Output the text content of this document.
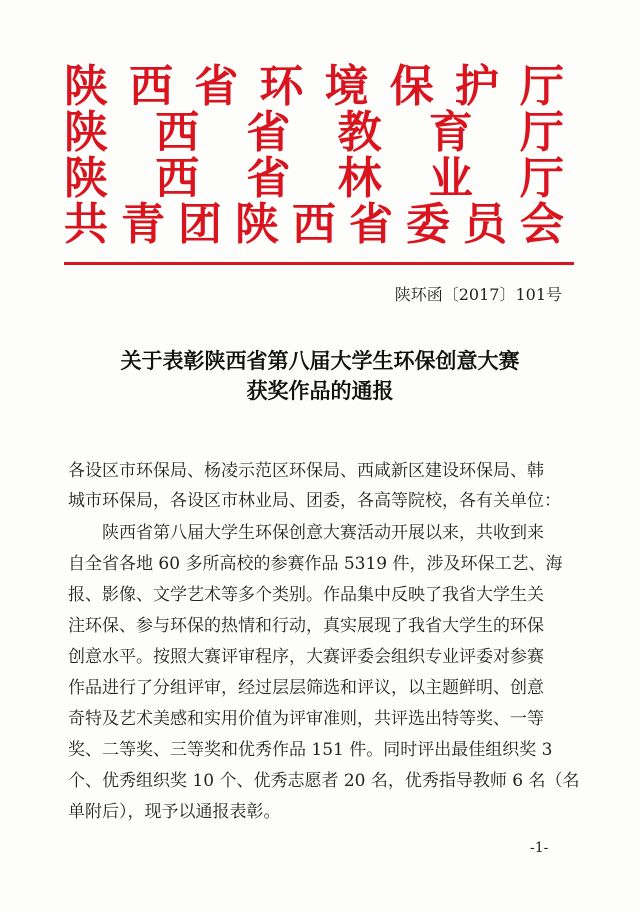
陕 西 省 环 境 保 护 厅
陕 西 省 教 育 厅
陕 西 省 林 业 厅
共 青 团 陕 西 省 委 员 会
陕环函〔2017〕101号
关于表彰陕西省第八届大学生环保创意大赛
获奖作品的通报
各设区市环保局、杨凌示范区环保局、西咸新区建设环保局、韩
城市环保局，各设区市林业局、团委，各高等院校，各有关单位：
陕西省第八届大学生环保创意大赛活动开展以来，共收到来
自全省各地 60 多所高校的参赛作品 5319 件，涉及环保工艺、海
报、影像、文学艺术等多个类别。作品集中反映了我省大学生关
注环保、参与环保的热情和行动，真实展现了我省大学生的环保
创意水平。按照大赛评审程序，大赛评委会组织专业评委对参赛
作品进行了分组评审，经过层层筛选和评议，以主题鲜明、创意
奇特及艺术美感和实用价值为评审准则，共评选出特等奖、一等
奖、二等奖、三等奖和优秀作品 151 件。同时评出最佳组织奖 3
个、优秀组织奖 10 个、优秀志愿者 20 名，优秀指导教师 6 名（名
单附后），现予以通报表彰。
-1-
